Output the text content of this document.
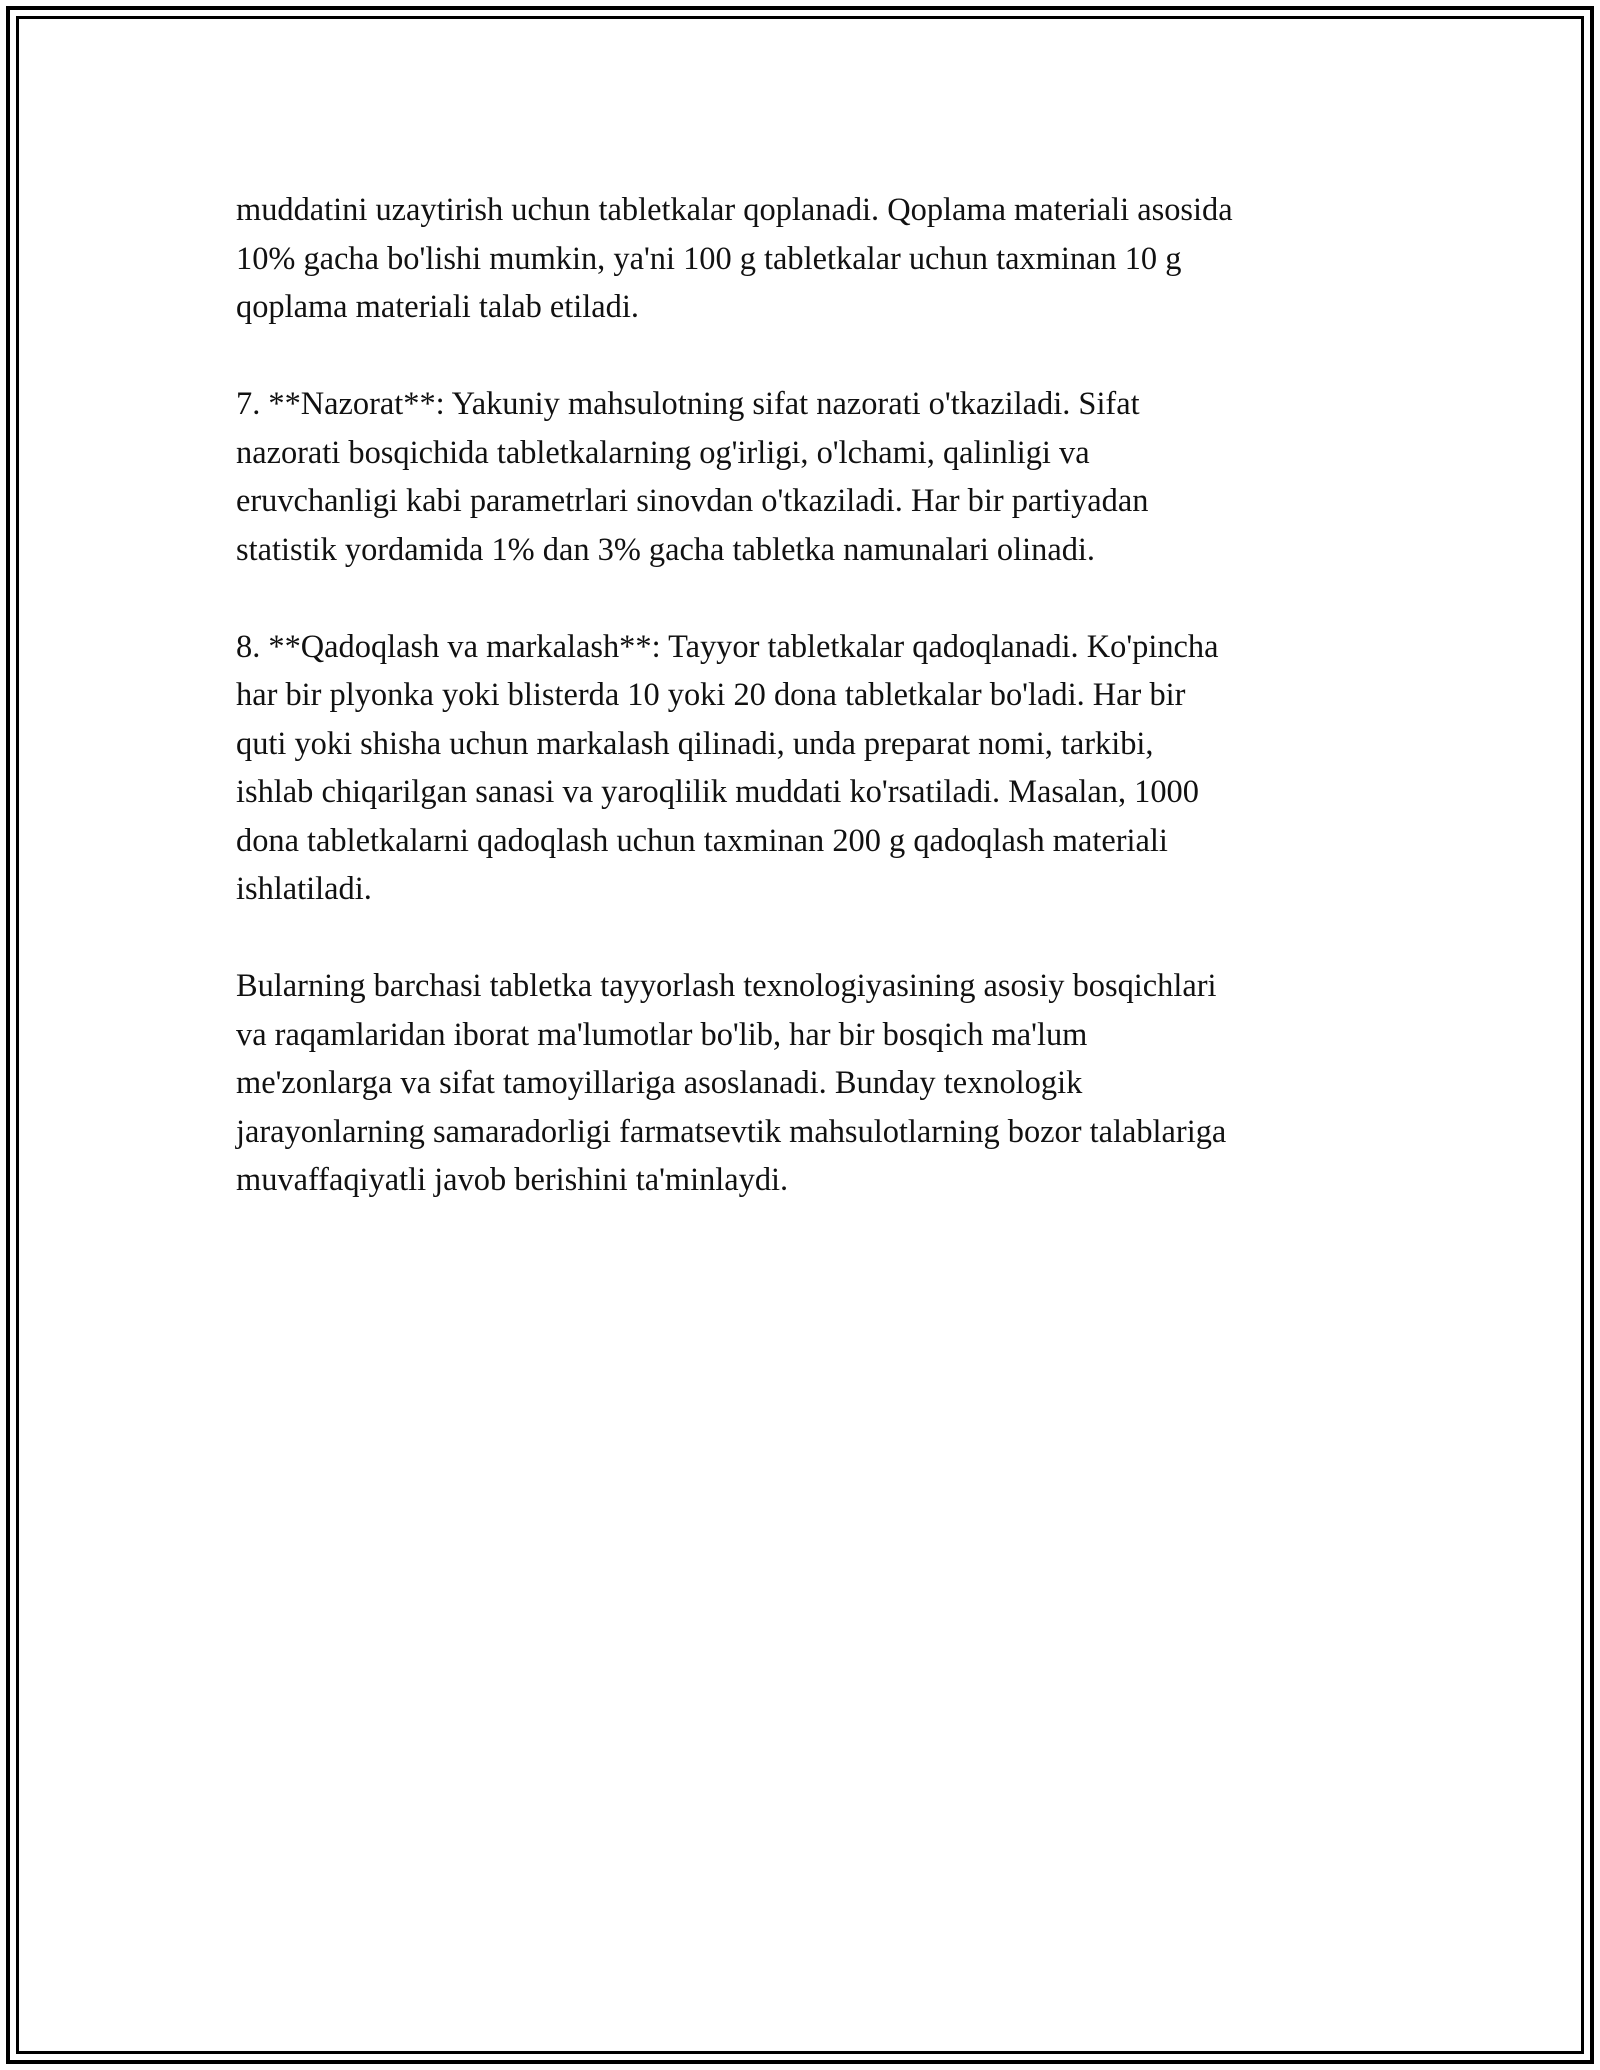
muddatini uzaytirish uchun tabletkalar qoplanadi. Qoplama materiali asosida
10% gacha bo'lishi mumkin, ya'ni 100 g tabletkalar uchun taxminan 10 g
qoplama materiali talab etiladi.

7. **Nazorat**: Yakuniy mahsulotning sifat nazorati o'tkaziladi. Sifat
nazorati bosqichida tabletkalarning og'irligi, o'lchami, qalinligi va
eruvchanligi kabi parametrlari sinovdan o'tkaziladi. Har bir partiyadan
statistik yordamida 1% dan 3% gacha tabletka namunalari olinadi.

8. **Qadoqlash va markalash**: Tayyor tabletkalar qadoqlanadi. Ko'pincha
har bir plyonka yoki blisterda 10 yoki 20 dona tabletkalar bo'ladi. Har bir
quti yoki shisha uchun markalash qilinadi, unda preparat nomi, tarkibi,
ishlab chiqarilgan sanasi va yaroqlilik muddati ko'rsatiladi. Masalan, 1000
dona tabletkalarni qadoqlash uchun taxminan 200 g qadoqlash materiali
ishlatiladi.

Bularning barchasi tabletka tayyorlash texnologiyasining asosiy bosqichlari
va raqamlaridan iborat ma'lumotlar bo'lib, har bir bosqich ma'lum
me'zonlarga va sifat tamoyillariga asoslanadi. Bunday texnologik
jarayonlarning samaradorligi farmatsevtik mahsulotlarning bozor talablariga
muvaffaqiyatli javob berishini ta'minlaydi.
